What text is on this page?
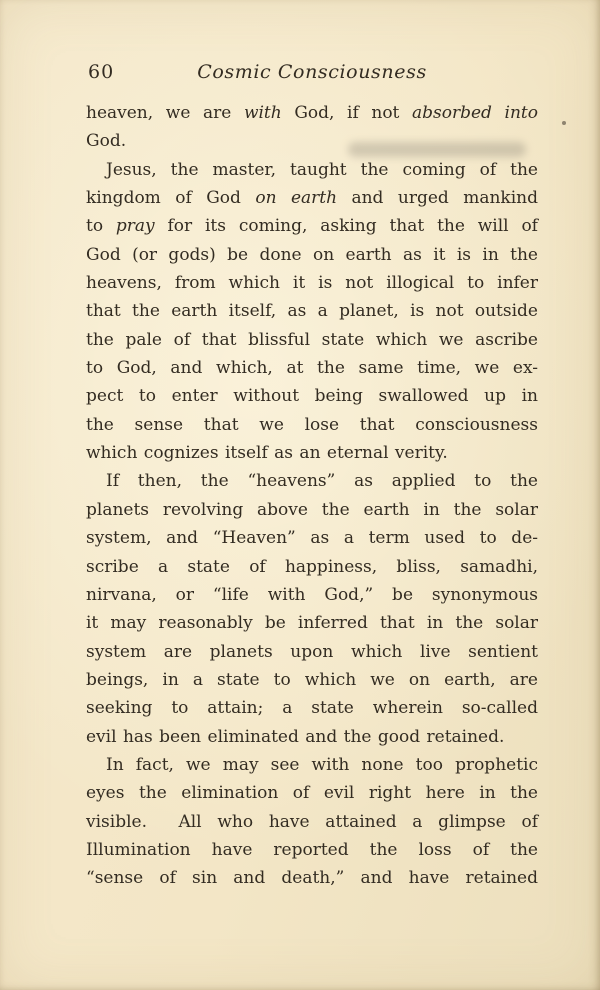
60	Cosmic Consciousness
heaven, we are with God, if not absorbed into
God.
Jesus, the master, taught the coming of the
kingdom of God on earth and urged mankind
to pray for its coming, asking that the will of
God (or gods) be done on earth as it is in the
heavens, from which it is not illogical to infer
that the earth itself, as a planet, is not outside
the pale of that blissful state which we ascribe
to God, and which, at the same time, we ex-
pect to enter without being swallowed up in
the sense that we lose that consciousness
which cognizes itself as an eternal verity.
If then, the “heavens” as applied to the
planets revolving above the earth in the solar
system, and “Heaven” as a term used to de-
scribe a state of happiness, bliss, samadhi,
nirvana, or “life with God,” be synonymous
it may reasonably be inferred that in the solar
system are planets upon which live sentient
beings, in a state to which we on earth, are
seeking to attain; a state wherein so-called
evil has been eliminated and the good retained.
In fact, we may see with none too prophetic
eyes the elimination of evil right here in the
visible.  All who have attained a glimpse of
Illumination have reported the loss of the
“sense of sin and death,” and have retained
